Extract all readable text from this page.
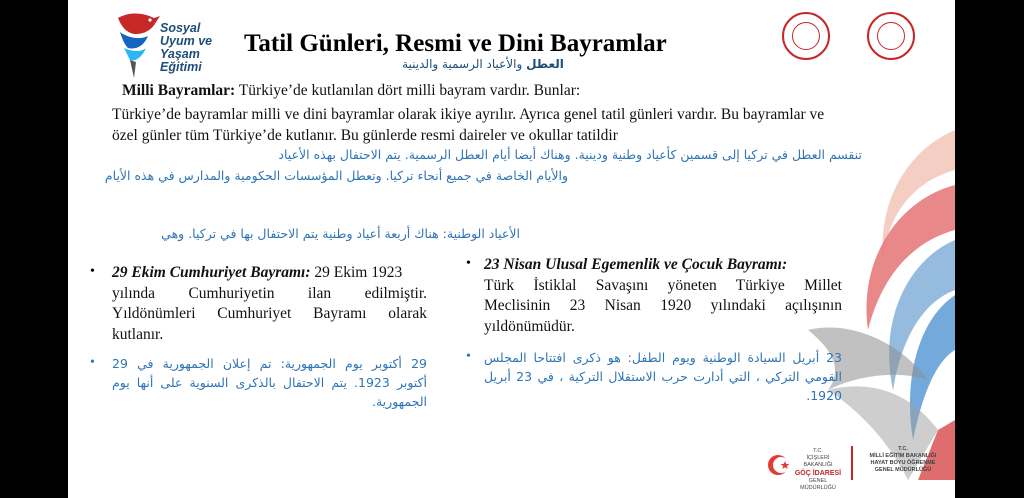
Sosyal
Uyum ve
Yaşam Eğitimi
Tatil Günleri, Resmi ve Dini Bayramlar
العطل والأعياد الرسمية والدينية
Milli Bayramlar: Türkiye’de kutlanılan dört milli bayram vardır. Bunlar:
Türkiye’de bayramlar milli ve dini bayramlar olarak ikiye ayrılır. Ayrıca genel tatil günleri vardır. Bu bayramlar ve
özel günler tüm Türkiye’de kutlanır. Bu günlerde resmi daireler ve okullar tatildir
تنقسم العطل في تركيا إلى قسمين كأعياد وطنية ودينية. وهناك أيضا أيام العطل الرسمية. يتم الاحتفال بهذه الأعياد
والأيام الخاصة في جميع أنحاء تركيا. وتعطل المؤسسات الحكومية والمدارس في هذه الأيام
الأعياد الوطنية: هناك أربعة أعياد وطنية يتم الاحتفال بها في تركيا. وهي
• 29 Ekim Cumhuriyet Bayramı: 29 Ekim 1923
yılında Cumhuriyetin ilan edilmiştir.
Yıldönümleri Cumhuriyet Bayramı olarak
kutlanır.
• 29 أكتوبر يوم الجمهورية: تم إعلان الجمهورية في 29
أكتوبر 1923. يتم الاحتفال بالذكرى السنوية على أنها يوم
الجمهورية.
• 23 Nisan Ulusal Egemenlik ve Çocuk Bayramı:
Türk İstiklal Savaşını yöneten Türkiye Millet
Meclisinin 23 Nisan 1920 yılındaki açılışının
yıldönümüdür.
• 23 أبريل السيادة الوطنية ويوم الطفل: هو ذكرى افتتاحا المجلس
القومي التركي ، التي أدارت حرب الاستقلال التركية ، في 23 أبريل
1920.
T.C.
İÇİŞLERİ BAKANLIĞI
GÖÇ İDARESİ
GENEL MÜDÜRLÜĞÜ
T.C.
MİLLİ EĞİTİM BAKANLIĞI
HAYAT BOYU ÖĞRENME
GENEL MÜDÜRLÜĞÜ
